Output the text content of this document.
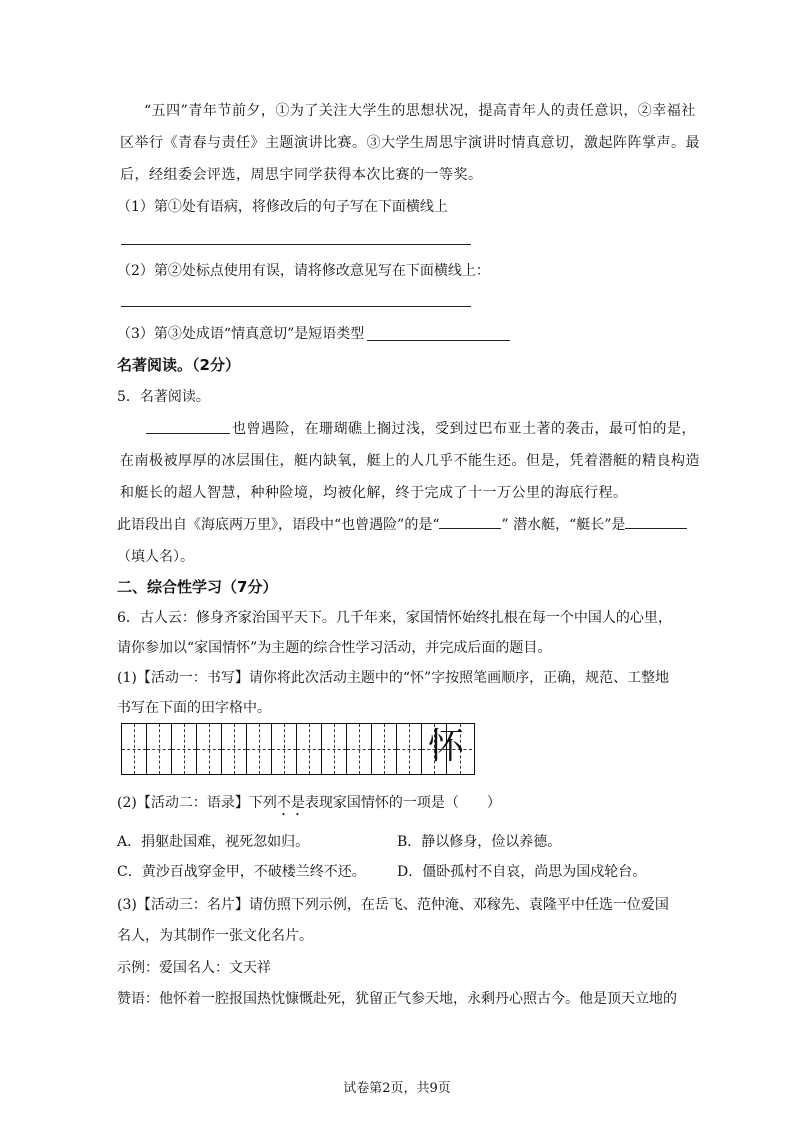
“五四”青年节前夕，①为了关注大学生的思想状况，提高青年人的责任意识，②幸福社
区举行《青春与责任》主题演讲比赛。③大学生周思宇演讲时情真意切，激起阵阵掌声。最
后，经组委会评选，周思宇同学获得本次比赛的一等奖。
（1）第①处有语病，将修改后的句子写在下面横线上
（2）第②处标点使用有误，请将修改意见写在下面横线上：
（3）第③处成语“情真意切”是短语类型
名著阅读。（2分）
5．名著阅读。
也曾遇险，在珊瑚礁上搁过浅，受到过巴布亚土著的袭击，最可怕的是，
在南极被厚厚的冰层围住，艇内缺氧，艇上的人几乎不能生还。但是，凭着潜艇的精良构造
和艇长的超人智慧，种种险境，均被化解，终于完成了十一万公里的海底行程。
此语段出自《海底两万里》，语段中“也曾遇险”的是“	” 潜水艇，“艇长”是
（填人名）。
二、综合性学习（7分）
6．古人云：修身齐家治国平天下。几千年来，家国情怀始终扎根在每一个中国人的心里，
请你参加以“家国情怀”为主题的综合性学习活动，并完成后面的题目。
(1)【活动一：书写】请你将此次活动主题中的“怀”字按照笔画顺序，正确，规范、工整地
书写在下面的田字格中。
怀
(2)【活动二：语录】下列不是表现家国情怀的一项是（　　）
A．捐躯赴国难，视死忽如归。	B．静以修身，俭以养德。
C．黄沙百战穿金甲，不破楼兰终不还。 D．僵卧孤村不自哀，尚思为国戍轮台。
(3)【活动三：名片】请仿照下列示例，在岳飞、范仲淹、邓稼先、袁隆平中任选一位爱国
名人，为其制作一张文化名片。
示例：爱国名人：文天祥
赞语：他怀着一腔报国热忱慷慨赴死，犹留正气参天地，永剩丹心照古今。他是顶天立地的
试卷第2页，共9页
